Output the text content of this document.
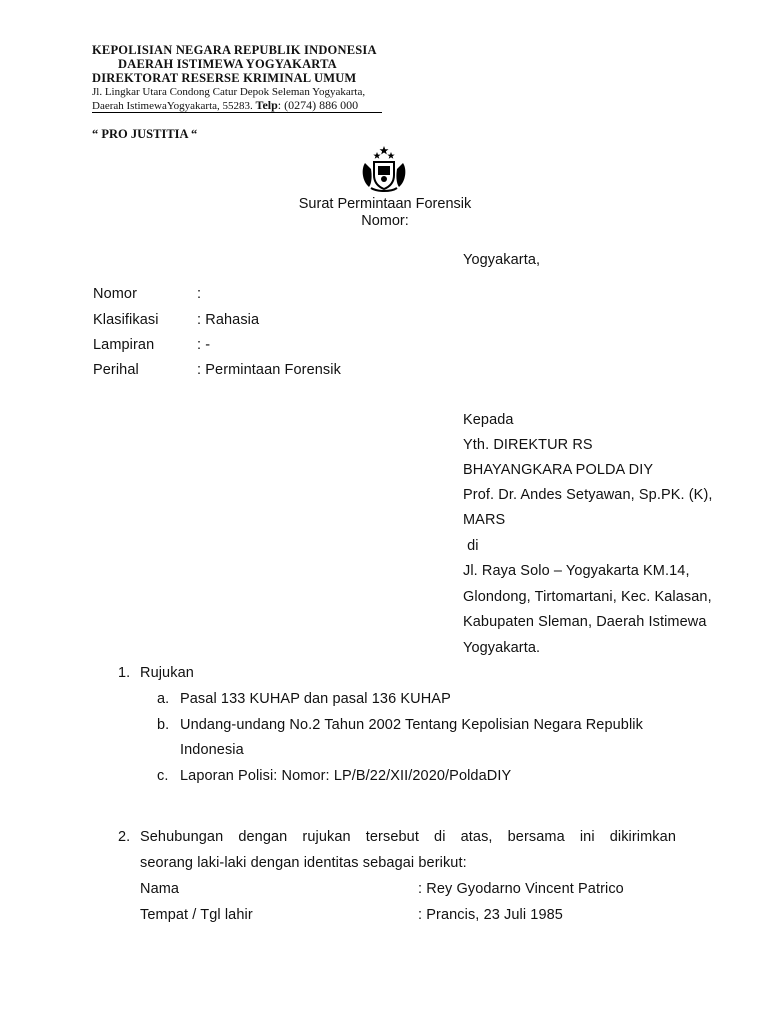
KEPOLISIAN NEGARA REPUBLIK INDONESIA
DAERAH ISTIMEWA YOGYAKARTA
DIREKTORAT RESERSE KRIMINAL UMUM
Jl. Lingkar Utara Condong Catur Depok Seleman Yogyakarta,
Daerah IstimewaYogyakarta, 55283. Telp: (0274) 886 000
“ PRO JUSTITIA “
Surat Permintaan Forensik
Nomor:
Yogyakarta,
Nomor	:
Klasifikasi	: Rahasia
Lampiran	: -
Perihal	: Permintaan Forensik
Kepada
Yth. DIREKTUR RS
BHAYANGKARA POLDA DIY
Prof. Dr. Andes Setyawan, Sp.PK. (K),
MARS
di
Jl. Raya Solo – Yogyakarta KM.14,
Glondong, Tirtomartani, Kec. Kalasan,
Kabupaten Sleman, Daerah Istimewa
Yogyakarta.
1. Rujukan
a. Pasal 133 KUHAP dan pasal 136 KUHAP
b. Undang-undang No.2 Tahun 2002 Tentang Kepolisian Negara Republik
Indonesia
c. Laporan Polisi: Nomor: LP/B/22/XII/2020/PoldaDIY
2. Sehubungan dengan rujukan tersebut di atas, bersama ini dikirimkan
seorang laki-laki dengan identitas sebagai berikut:
Nama	: Rey Gyodarno Vincent Patrico
Tempat / Tgl lahir	: Prancis, 23 Juli 1985
